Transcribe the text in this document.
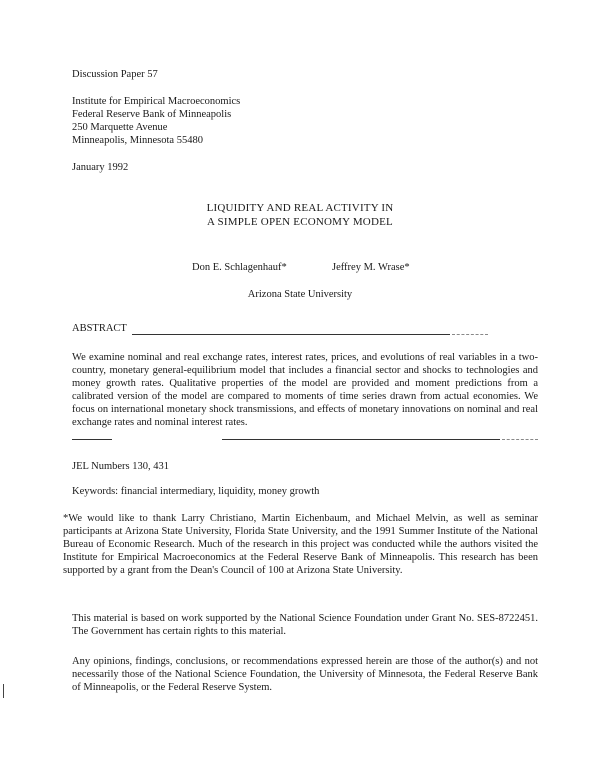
Discussion Paper 57
Institute for Empirical Macroeconomics
Federal Reserve Bank of Minneapolis
250 Marquette Avenue
Minneapolis, Minnesota 55480
January 1992
LIQUIDITY AND REAL ACTIVITY IN
A SIMPLE OPEN ECONOMY MODEL
Don E. Schlagenhauf*	Jeffrey M. Wrase*
Arizona State University
ABSTRACT
We examine nominal and real exchange rates, interest rates, prices, and evolutions of real variables in a two-country, monetary general-equilibrium model that includes a financial sector and shocks to technologies and money growth rates. Qualitative properties of the model are provided and moment predictions from a calibrated version of the model are compared to moments of time series drawn from actual economies. We focus on international monetary shock transmissions, and effects of monetary innovations on nominal and real exchange rates and nominal interest rates.
JEL Numbers 130, 431
Keywords: financial intermediary, liquidity, money growth
*We would like to thank Larry Christiano, Martin Eichenbaum, and Michael Melvin, as well as seminar participants at Arizona State University, Florida State University, and the 1991 Summer Institute of the National Bureau of Economic Research. Much of the research in this project was conducted while the authors visited the Institute for Empirical Macroeconomics at the Federal Reserve Bank of Minneapolis. This research has been supported by a grant from the Dean's Council of 100 at Arizona State University.
This material is based on work supported by the National Science Foundation under Grant No. SES-8722451. The Government has certain rights to this material.
Any opinions, findings, conclusions, or recommendations expressed herein are those of the author(s) and not necessarily those of the National Science Foundation, the University of Minnesota, the Federal Reserve Bank of Minneapolis, or the Federal Reserve System.
